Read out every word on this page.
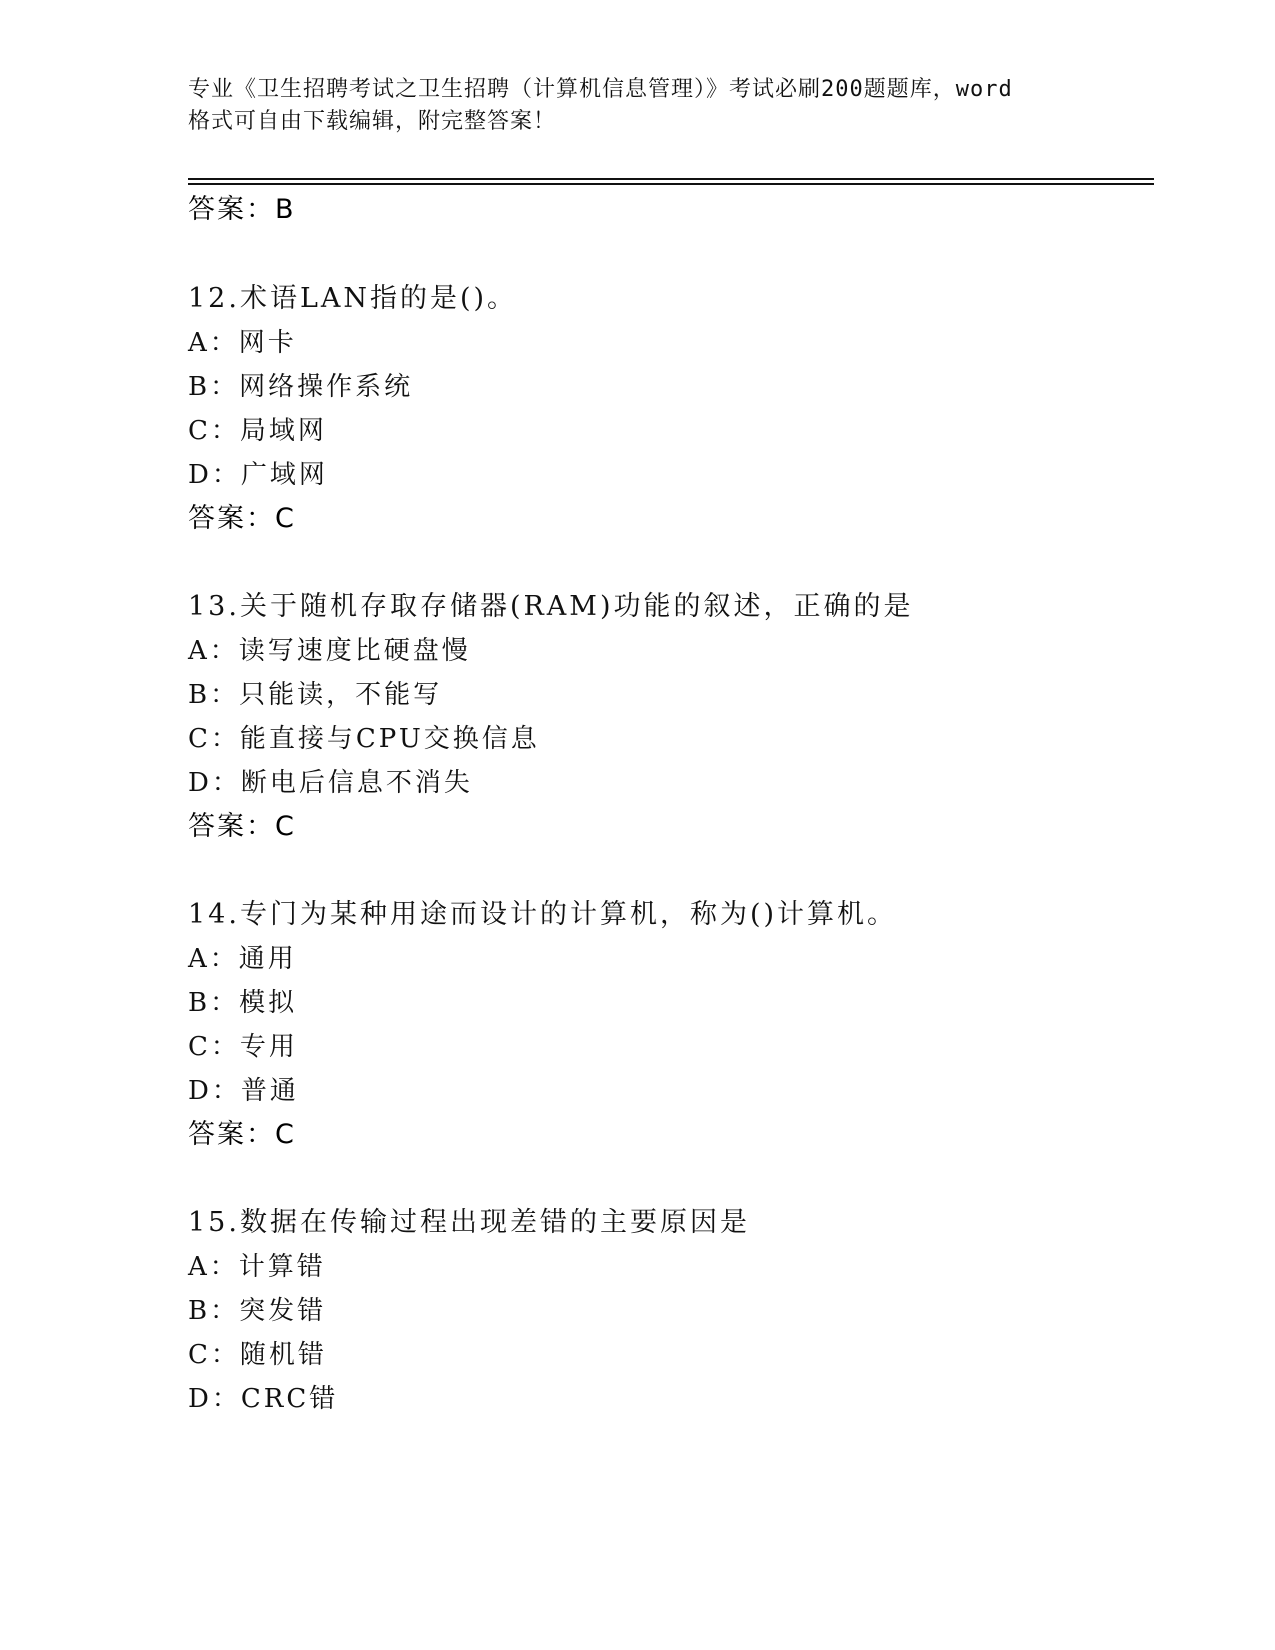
专业《卫生招聘考试之卫生招聘（计算机信息管理）》考试必刷200题题库，word
格式可自由下载编辑，附完整答案！
答案：B
12.术语LAN指的是()。
A：网卡
B：网络操作系统
C：局域网
D：广域网
答案：C
13.关于随机存取存储器(RAM)功能的叙述，正确的是
A：读写速度比硬盘慢
B：只能读，不能写
C：能直接与CPU交换信息
D：断电后信息不消失
答案：C
14.专门为某种用途而设计的计算机，称为()计算机。
A：通用
B：模拟
C：专用
D：普通
答案：C
15.数据在传输过程出现差错的主要原因是
A：计算错
B：突发错
C：随机错
D：CRC错
